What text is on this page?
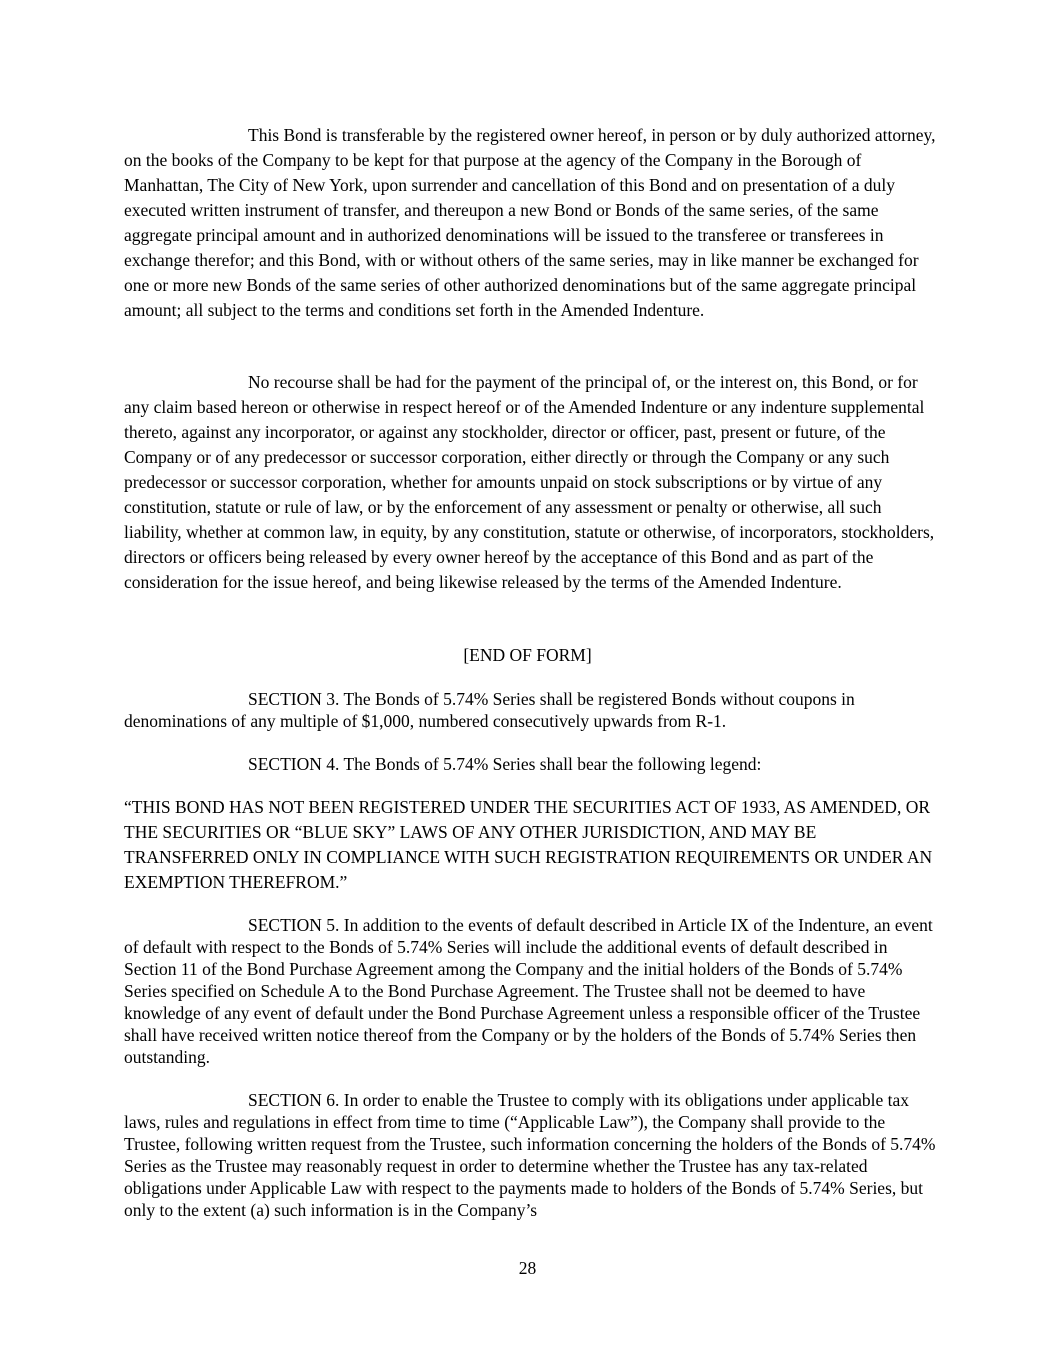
This Bond is transferable by the registered owner hereof, in person or by duly authorized attorney, on the books of the Company to be kept for that purpose at the agency of the Company in the Borough of Manhattan, The City of New York, upon surrender and cancellation of this Bond and on presentation of a duly executed written instrument of transfer, and thereupon a new Bond or Bonds of the same series, of the same aggregate principal amount and in authorized denominations will be issued to the transferee or transferees in exchange therefor; and this Bond, with or without others of the same series, may in like manner be exchanged for one or more new Bonds of the same series of other authorized denominations but of the same aggregate principal amount; all subject to the terms and conditions set forth in the Amended Indenture.

No recourse shall be had for the payment of the principal of, or the interest on, this Bond, or for any claim based hereon or otherwise in respect hereof or of the Amended Indenture or any indenture supplemental thereto, against any incorporator, or against any stockholder, director or officer, past, present or future, of the Company or of any predecessor or successor corporation, either directly or through the Company or any such predecessor or successor corporation, whether for amounts unpaid on stock subscriptions or by virtue of any constitution, statute or rule of law, or by the enforcement of any assessment or penalty or otherwise, all such liability, whether at common law, in equity, by any constitution, statute or otherwise, of incorporators, stockholders, directors or officers being released by every owner hereof by the acceptance of this Bond and as part of the consideration for the issue hereof, and being likewise released by the terms of the Amended Indenture.

[END OF FORM]

SECTION 3. The Bonds of 5.74% Series shall be registered Bonds without coupons in denominations of any multiple of $1,000, numbered consecutively upwards from R-1.

SECTION 4. The Bonds of 5.74% Series shall bear the following legend:

“THIS BOND HAS NOT BEEN REGISTERED UNDER THE SECURITIES ACT OF 1933, AS AMENDED, OR THE SECURITIES OR “BLUE SKY” LAWS OF ANY OTHER JURISDICTION, AND MAY BE TRANSFERRED ONLY IN COMPLIANCE WITH SUCH REGISTRATION REQUIREMENTS OR UNDER AN EXEMPTION THEREFROM.”

SECTION 5. In addition to the events of default described in Article IX of the Indenture, an event of default with respect to the Bonds of 5.74% Series will include the additional events of default described in Section 11 of the Bond Purchase Agreement among the Company and the initial holders of the Bonds of 5.74% Series specified on Schedule A to the Bond Purchase Agreement. The Trustee shall not be deemed to have knowledge of any event of default under the Bond Purchase Agreement unless a responsible officer of the Trustee shall have received written notice thereof from the Company or by the holders of the Bonds of 5.74% Series then outstanding.

SECTION 6. In order to enable the Trustee to comply with its obligations under applicable tax laws, rules and regulations in effect from time to time (“Applicable Law”), the Company shall provide to the Trustee, following written request from the Trustee, such information concerning the holders of the Bonds of 5.74% Series as the Trustee may reasonably request in order to determine whether the Trustee has any tax-related obligations under Applicable Law with respect to the payments made to holders of the Bonds of 5.74% Series, but only to the extent (a) such information is in the Company’s

28
